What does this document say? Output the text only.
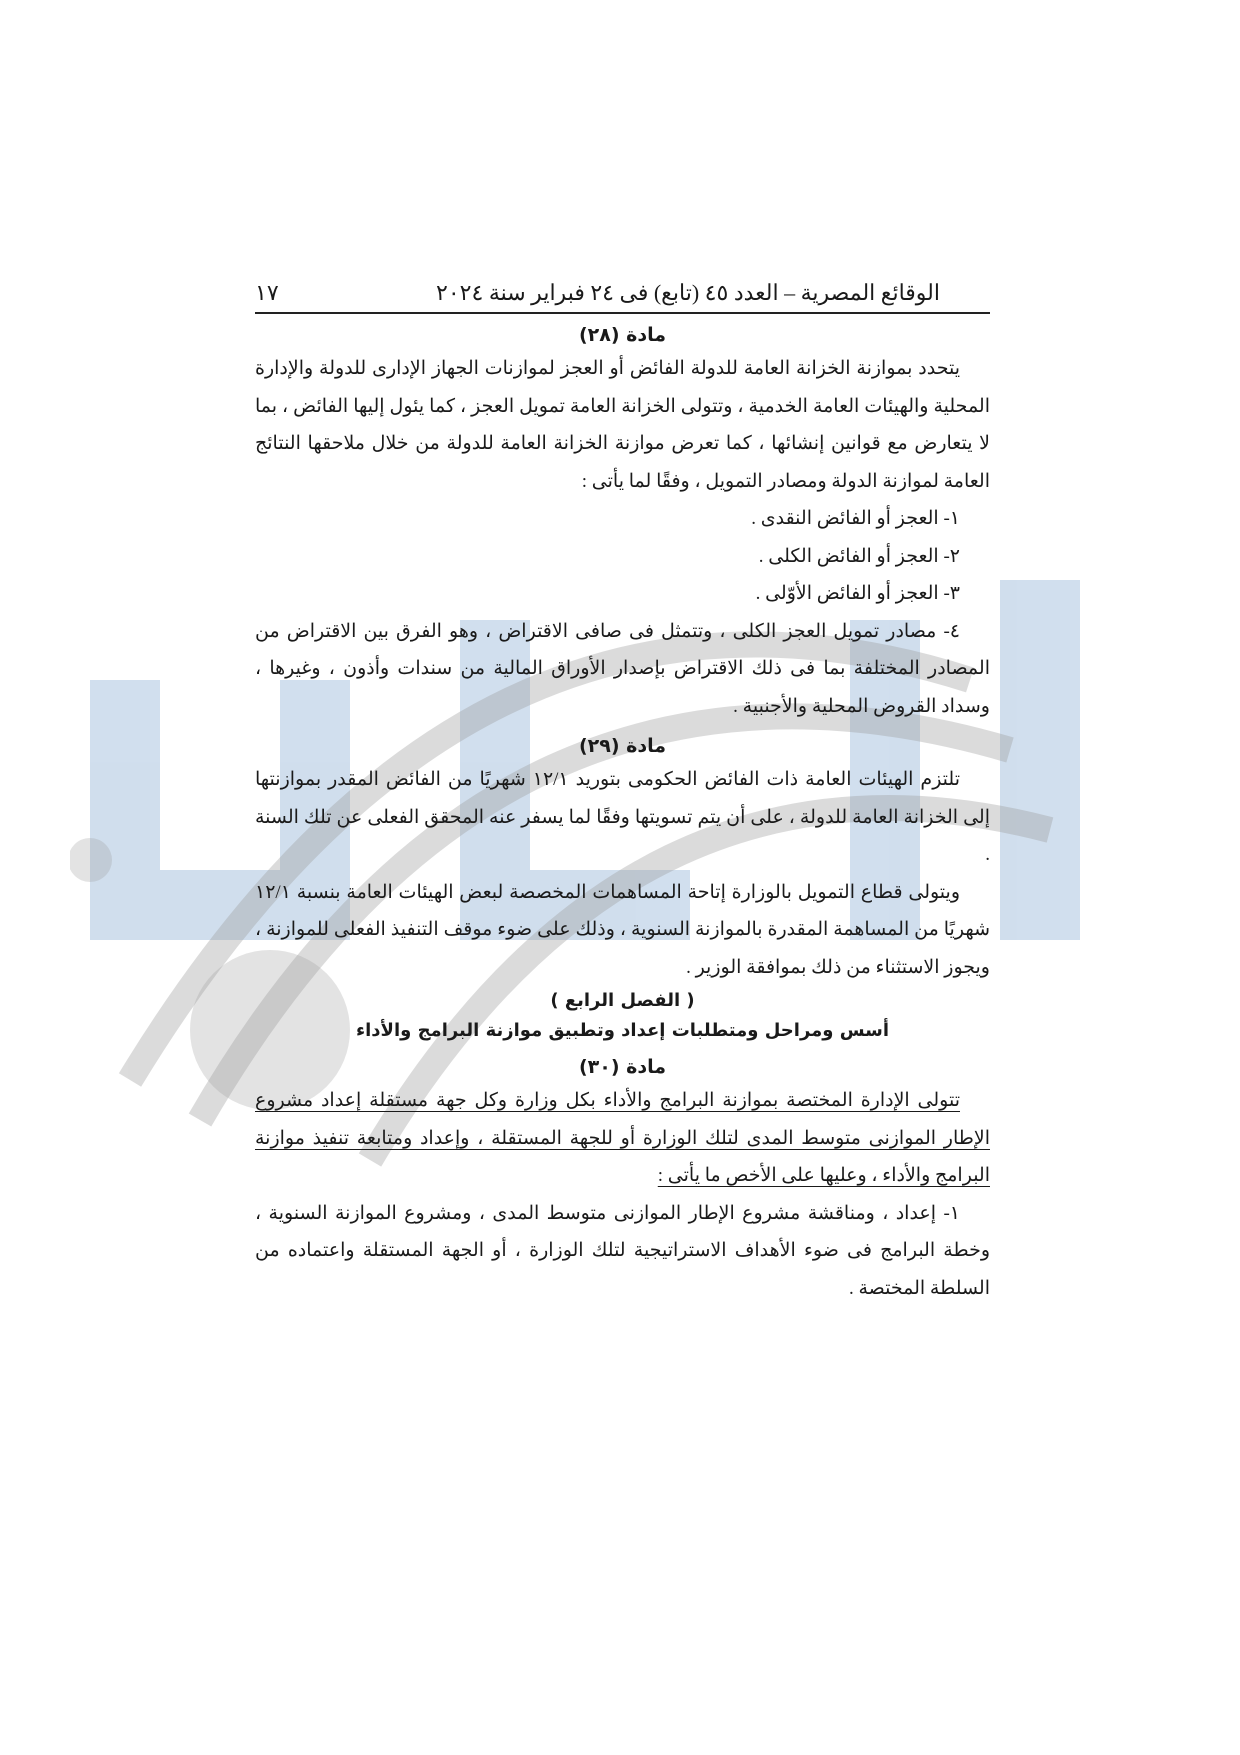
الوقائع المصرية – العدد ٤٥ (تابع) فى ٢٤ فبراير سنة ٢٠٢٤
١٧
مادة (٢٨)

يتحدد بموازنة الخزانة العامة للدولة الفائض أو العجز لموازنات الجهاز الإدارى للدولة والإدارة المحلية والهيئات العامة الخدمية ، وتتولى الخزانة العامة تمويل العجز ، كما يئول إليها الفائض ، بما لا يتعارض مع قوانين إنشائها ، كما تعرض موازنة الخزانة العامة للدولة من خلال ملاحقها النتائج العامة لموازنة الدولة ومصادر التمويل ، وفقًا لما يأتى :

١- العجز أو الفائض النقدى .

٢- العجز أو الفائض الكلى .

٣- العجز أو الفائض الأوّلى .

٤- مصادر تمويل العجز الكلى ، وتتمثل فى صافى الاقتراض ، وهو الفرق بين الاقتراض من المصادر المختلفة بما فى ذلك الاقتراض بإصدار الأوراق المالية من سندات وأذون ، وغيرها ، وسداد القروض المحلية والأجنبية .

مادة (٢٩)

تلتزم الهيئات العامة ذات الفائض الحكومى بتوريد ١٢/١ شهريًا من الفائض المقدر بموازنتها إلى الخزانة العامة للدولة ، على أن يتم تسويتها وفقًا لما يسفر عنه المحقق الفعلى عن تلك السنة .

ويتولى قطاع التمويل بالوزارة إتاحة المساهمات المخصصة لبعض الهيئات العامة بنسبة ١٢/١ شهريًا من المساهمة المقدرة بالموازنة السنوية ، وذلك على ضوء موقف التنفيذ الفعلى للموازنة ، ويجوز الاستثناء من ذلك بموافقة الوزير .

( الفصل الرابع )
أسس ومراحل ومتطلبات إعداد وتطبيق موازنة البرامج والأداء
مادة (٣٠)

تتولى الإدارة المختصة بموازنة البرامج والأداء بكل وزارة وكل جهة مستقلة إعداد مشروع الإطار الموازنى متوسط المدى لتلك الوزارة أو للجهة المستقلة ، وإعداد ومتابعة تنفيذ موازنة البرامج والأداء ، وعليها على الأخص ما يأتى :

١- إعداد ، ومناقشة مشروع الإطار الموازنى متوسط المدى ، ومشروع الموازنة السنوية ، وخطة البرامج فى ضوء الأهداف الاستراتيجية لتلك الوزارة ، أو الجهة المستقلة واعتماده من السلطة المختصة .
